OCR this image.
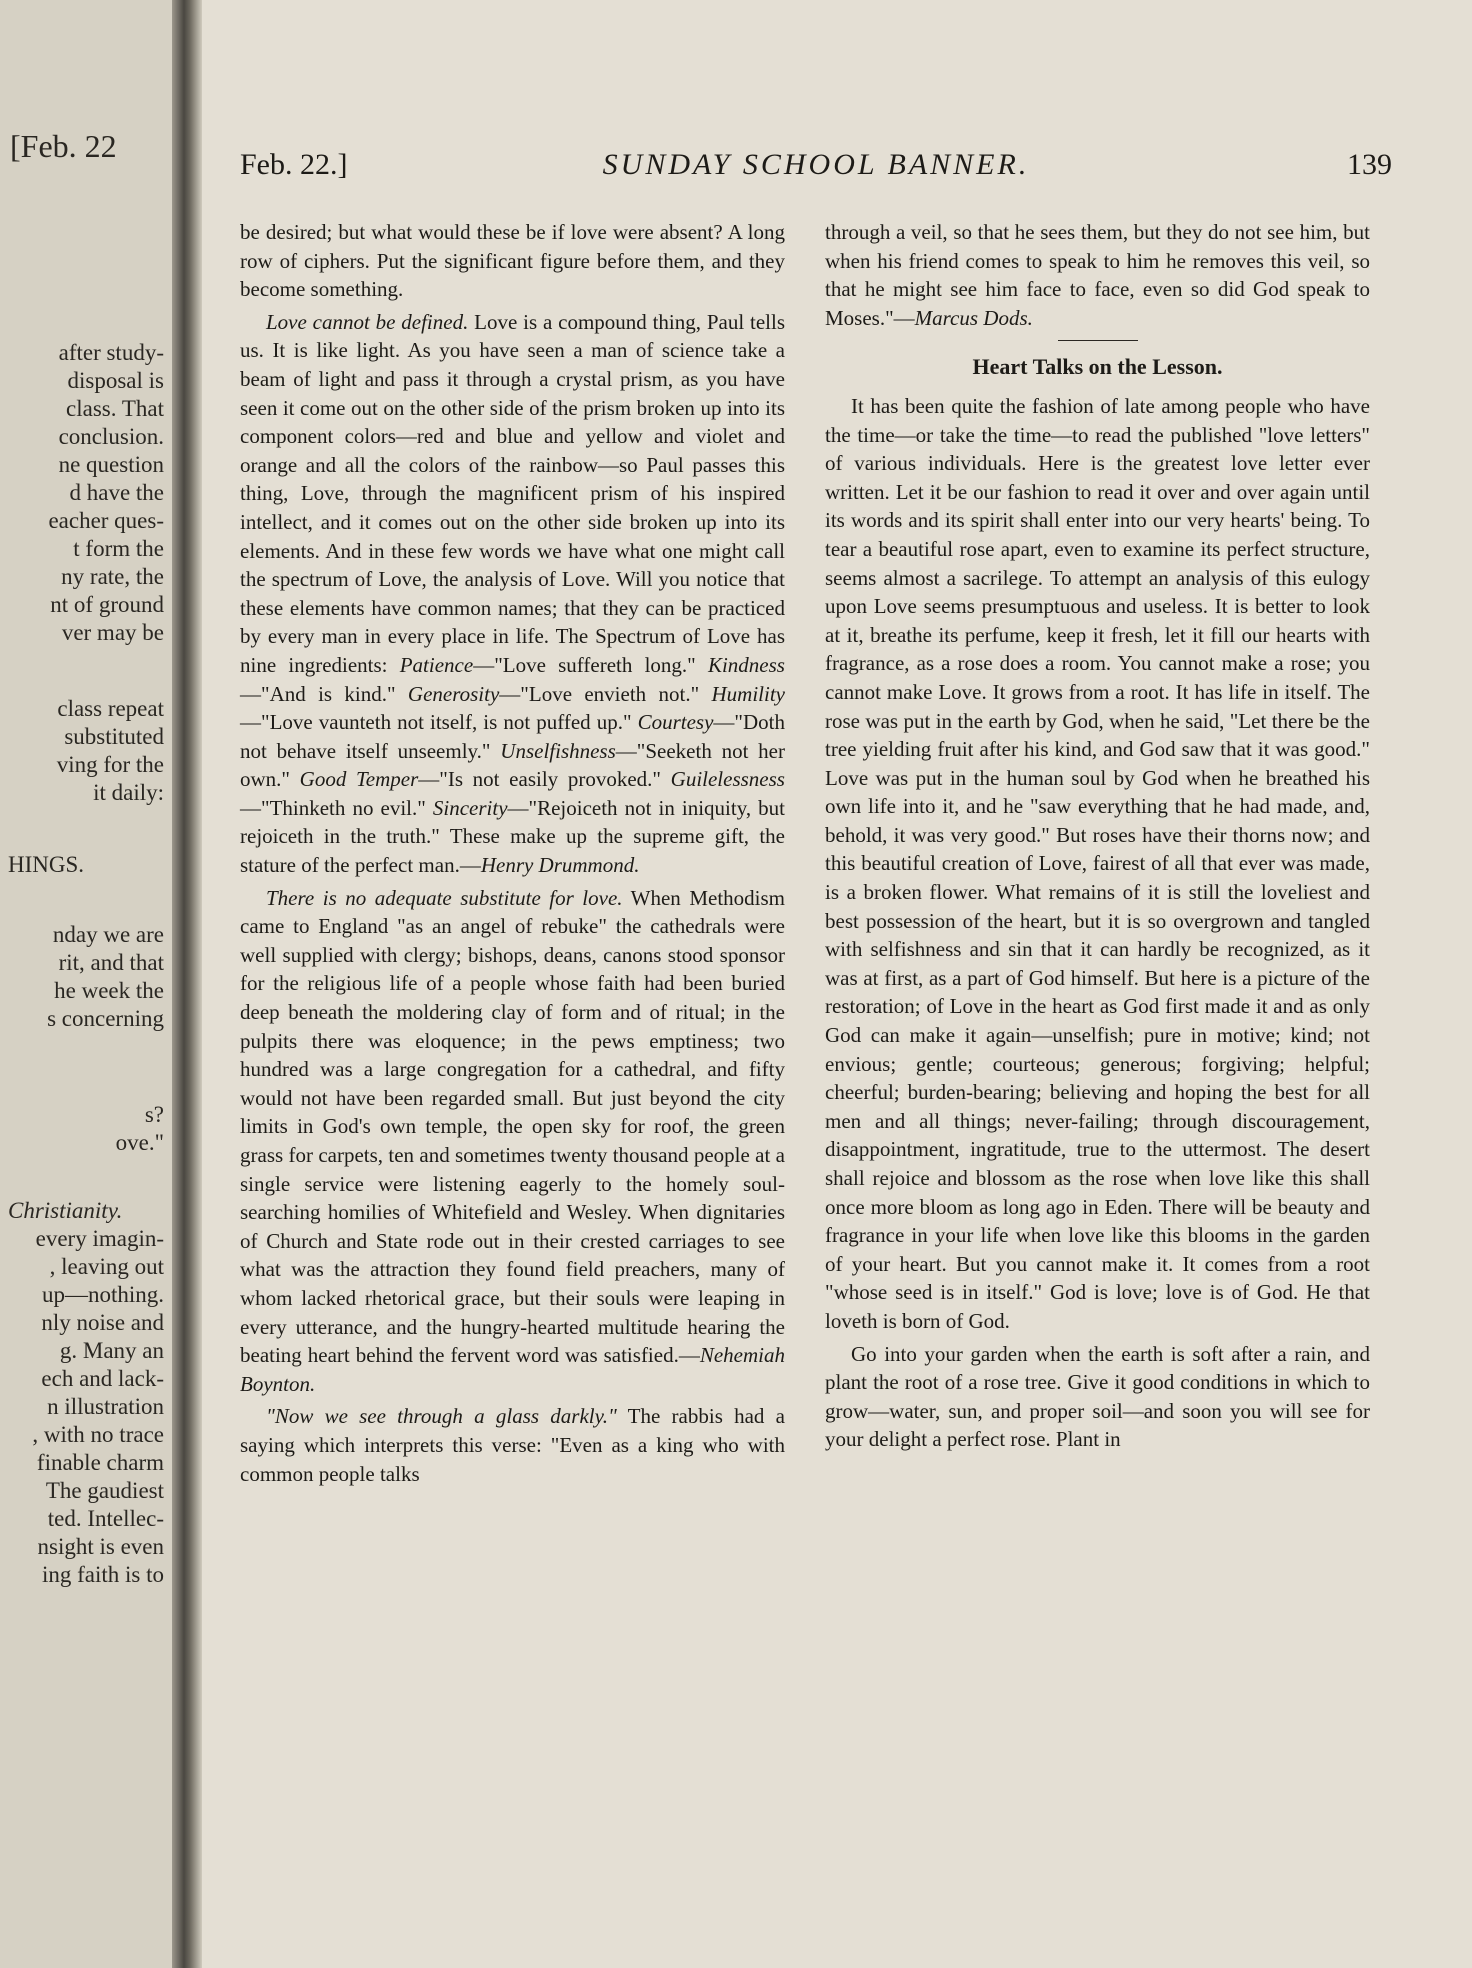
[Feb. 22
after study-
disposal is
class. That
conclusion.
ne question
d have the
eacher ques-
t form the
ny rate, the
nt of ground
ver may be
class repeat
substituted
ving for the
it daily:
HINGS.
nday we are
rit, and that
he week the
s concerning
s?
ove."
Christianity.
every imagin-
, leaving out
up—nothing.
nly noise and
g. Many an
ech and lack-
n illustration
, with no trace
finable charm
The gaudiest
ted. Intellec-
nsight is even
ing faith is to
Feb. 22.]	SUNDAY SCHOOL BANNER.	139

be desired; but what would these be if love were absent? A long row of ciphers. Put the significant figure before them, and they become something.

Love cannot be defined. Love is a compound thing, Paul tells us. It is like light. As you have seen a man of science take a beam of light and pass it through a crystal prism, as you have seen it come out on the other side of the prism broken up into its component colors—red and blue and yellow and violet and orange and all the colors of the rainbow—so Paul passes this thing, Love, through the magnificent prism of his inspired intellect, and it comes out on the other side broken up into its elements. And in these few words we have what one might call the spectrum of Love, the analysis of Love. Will you notice that these elements have common names; that they can be practiced by every man in every place in life. The Spectrum of Love has nine ingredients: Patience—"Love suffereth long." Kindness—"And is kind." Generosity—"Love envieth not." Humility—"Love vaunteth not itself, is not puffed up." Courtesy—"Doth not behave itself unseemly." Unselfishness—"Seeketh not her own." Good Temper—"Is not easily provoked." Guilelessness—"Thinketh no evil." Sincerity—"Rejoiceth not in iniquity, but rejoiceth in the truth." These make up the supreme gift, the stature of the perfect man.—Henry Drummond.

There is no adequate substitute for love. When Methodism came to England "as an angel of rebuke" the cathedrals were well supplied with clergy; bishops, deans, canons stood sponsor for the religious life of a people whose faith had been buried deep beneath the moldering clay of form and of ritual; in the pulpits there was eloquence; in the pews emptiness; two hundred was a large congregation for a cathedral, and fifty would not have been regarded small. But just beyond the city limits in God's own temple, the open sky for roof, the green grass for carpets, ten and sometimes twenty thousand people at a single service were listening eagerly to the homely soul-searching homilies of Whitefield and Wesley. When dignitaries of Church and State rode out in their crested carriages to see what was the attraction they found field preachers, many of whom lacked rhetorical grace, but their souls were leaping in every utterance, and the hungry-hearted multitude hearing the beating heart behind the fervent word was satisfied.—Nehemiah Boynton.

"Now we see through a glass darkly." The rabbis had a saying which interprets this verse: "Even as a king who with common people talks

through a veil, so that he sees them, but they do not see him, but when his friend comes to speak to him he removes this veil, so that he might see him face to face, even so did God speak to Moses."—Marcus Dods.

Heart Talks on the Lesson.

It has been quite the fashion of late among people who have the time—or take the time—to read the published "love letters" of various individuals. Here is the greatest love letter ever written. Let it be our fashion to read it over and over again until its words and its spirit shall enter into our very hearts' being. To tear a beautiful rose apart, even to examine its perfect structure, seems almost a sacrilege. To attempt an analysis of this eulogy upon Love seems presumptuous and useless. It is better to look at it, breathe its perfume, keep it fresh, let it fill our hearts with fragrance, as a rose does a room. You cannot make a rose; you cannot make Love. It grows from a root. It has life in itself. The rose was put in the earth by God, when he said, "Let there be the tree yielding fruit after his kind, and God saw that it was good." Love was put in the human soul by God when he breathed his own life into it, and he "saw everything that he had made, and, behold, it was very good." But roses have their thorns now; and this beautiful creation of Love, fairest of all that ever was made, is a broken flower. What remains of it is still the loveliest and best possession of the heart, but it is so overgrown and tangled with selfishness and sin that it can hardly be recognized, as it was at first, as a part of God himself. But here is a picture of the restoration; of Love in the heart as God first made it and as only God can make it again—unselfish; pure in motive; kind; not envious; gentle; courteous; generous; forgiving; helpful; cheerful; burden-bearing; believing and hoping the best for all men and all things; never-failing; through discouragement, disappointment, ingratitude, true to the uttermost. The desert shall rejoice and blossom as the rose when love like this shall once more bloom as long ago in Eden. There will be beauty and fragrance in your life when love like this blooms in the garden of your heart. But you cannot make it. It comes from a root "whose seed is in itself." God is love; love is of God. He that loveth is born of God.

Go into your garden when the earth is soft after a rain, and plant the root of a rose tree. Give it good conditions in which to grow—water, sun, and proper soil—and soon you will see for your delight a perfect rose. Plant in
